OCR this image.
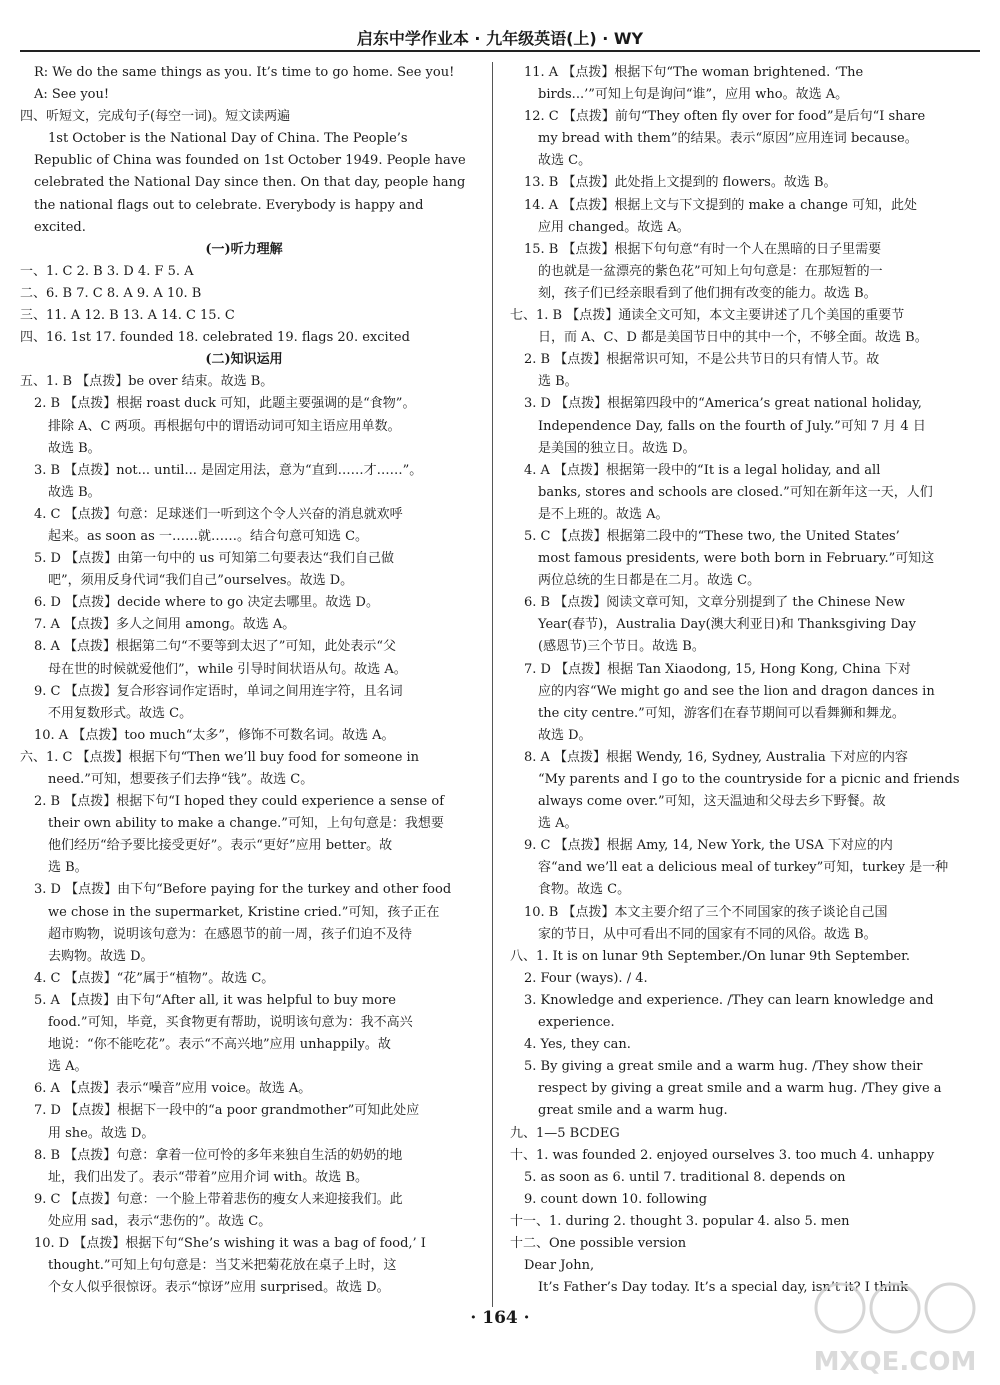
启东中学作业本 · 九年级英语(上) · WY
R: We do the same things as you. It’s time to go home. See you!
A: See you!
四、听短文，完成句子(每空一词)。短文读两遍
1st October is the National Day of China. The People’s
Republic of China was founded on 1st October 1949. People have
celebrated the National Day since then. On that day, people hang
the national flags out to celebrate. Everybody is happy and
excited.
(一)听力理解
一、1. C 2. B 3. D 4. F 5. A
二、6. B 7. C 8. A 9. A 10. B
三、11. A 12. B 13. A 14. C 15. C
四、16. 1st 17. founded 18. celebrated 19. flags 20. excited
(二)知识运用
五、1. B 【点拨】be over 结束。故选 B。
2. B 【点拨】根据 roast duck 可知，此题主要强调的是“食物”。
排除 A、C 两项。再根据句中的谓语动词可知主语应用单数。
故选 B。
3. B 【点拨】not... until... 是固定用法，意为“直到……才……”。
故选 B。
4. C 【点拨】句意：足球迷们一听到这个令人兴奋的消息就欢呼
起来。as soon as 一……就……。结合句意可知选 C。
5. D 【点拨】由第一句中的 us 可知第二句要表达“我们自己做
吧”，须用反身代词“我们自己”ourselves。故选 D。
6. D 【点拨】decide where to go 决定去哪里。故选 D。
7. A 【点拨】多人之间用 among。故选 A。
8. A 【点拨】根据第二句“不要等到太迟了”可知，此处表示“父
母在世的时候就爱他们”，while 引导时间状语从句。故选 A。
9. C 【点拨】复合形容词作定语时，单词之间用连字符，且名词
不用复数形式。故选 C。
10. A 【点拨】too much“太多”，修饰不可数名词。故选 A。
六、1. C 【点拨】根据下句“Then we’ll buy food for someone in
need.”可知，想要孩子们去挣“钱”。故选 C。
2. B 【点拨】根据下句“I hoped they could experience a sense of
their own ability to make a change.”可知，上句句意是：我想要
他们经历“给予要比接受更好”。表示“更好”应用 better。故
选 B。
3. D 【点拨】由下句“Before paying for the turkey and other food
we chose in the supermarket, Kristine cried.”可知，孩子正在
超市购物，说明该句意为：在感恩节的前一周，孩子们迫不及待
去购物。故选 D。
4. C 【点拨】“花”属于“植物”。故选 C。
5. A 【点拨】由下句“After all, it was helpful to buy more
food.”可知，毕竟，买食物更有帮助，说明该句意为：我不高兴
地说：“你不能吃花”。表示“不高兴地”应用 unhappily。故
选 A。
6. A 【点拨】表示“噪音”应用 voice。故选 A。
7. D 【点拨】根据下一段中的“a poor grandmother”可知此处应
用 she。故选 D。
8. B 【点拨】句意：拿着一位可怜的多年来独自生活的奶奶的地
址，我们出发了。表示“带着”应用介词 with。故选 B。
9. C 【点拨】句意：一个脸上带着悲伤的瘦女人来迎接我们。此
处应用 sad，表示“悲伤的”。故选 C。
10. D 【点拨】根据下句“She’s wishing it was a bag of food,’ I
thought.”可知上句句意是：当艾米把菊花放在桌子上时，这
个女人似乎很惊讶。表示“惊讶”应用 surprised。故选 D。
11. A 【点拨】根据下句“The woman brightened. ‘The
birds...’”可知上句是询问“谁”，应用 who。故选 A。
12. C 【点拨】前句“They often fly over for food”是后句“I share
my bread with them”的结果。表示“原因”应用连词 because。
故选 C。
13. B 【点拨】此处指上文提到的 flowers。故选 B。
14. A 【点拨】根据上文与下文提到的 make a change 可知，此处
应用 changed。故选 A。
15. B 【点拨】根据下句句意“有时一个人在黑暗的日子里需要
的也就是一盆漂亮的紫色花”可知上句句意是：在那短暂的一
刻，孩子们已经亲眼看到了他们拥有改变的能力。故选 B。
七、1. B 【点拨】通读全文可知，本文主要讲述了几个美国的重要节
日，而 A、C、D 都是美国节日中的其中一个，不够全面。故选 B。
2. B 【点拨】根据常识可知，不是公共节日的只有情人节。故
选 B。
3. D 【点拨】根据第四段中的“America’s great national holiday,
Independence Day, falls on the fourth of July.”可知 7 月 4 日
是美国的独立日。故选 D。
4. A 【点拨】根据第一段中的“It is a legal holiday, and all
banks, stores and schools are closed.”可知在新年这一天，人们
是不上班的。故选 A。
5. C 【点拨】根据第二段中的“These two, the United States’
most famous presidents, were both born in February.”可知这
两位总统的生日都是在二月。故选 C。
6. B 【点拨】阅读文章可知，文章分别提到了 the Chinese New
Year(春节)，Australia Day(澳大利亚日)和 Thanksgiving Day
(感恩节)三个节日。故选 B。
7. D 【点拨】根据 Tan Xiaodong, 15, Hong Kong, China 下对
应的内容“We might go and see the lion and dragon dances in
the city centre.”可知，游客们在春节期间可以看舞狮和舞龙。
故选 D。
8. A 【点拨】根据 Wendy, 16, Sydney, Australia 下对应的内容
“My parents and I go to the countryside for a picnic and friends
always come over.”可知，这天温迪和父母去乡下野餐。故
选 A。
9. C 【点拨】根据 Amy, 14, New York, the USA 下对应的内
容“and we’ll eat a delicious meal of turkey”可知，turkey 是一种
食物。故选 C。
10. B 【点拨】本文主要介绍了三个不同国家的孩子谈论自己国
家的节日，从中可看出不同的国家有不同的风俗。故选 B。
八、1. It is on lunar 9th September./On lunar 9th September.
2. Four (ways). / 4.
3. Knowledge and experience. /They can learn knowledge and
experience.
4. Yes, they can.
5. By giving a great smile and a warm hug. /They show their
respect by giving a great smile and a warm hug. /They give a
great smile and a warm hug.
九、1—5 BCDEG
十、1. was founded 2. enjoyed ourselves 3. too much 4. unhappy
5. as soon as 6. until 7. traditional 8. depends on
9. count down 10. following
十一、1. during 2. thought 3. popular 4. also 5. men
十二、One possible version
Dear John,
It’s Father’s Day today. It’s a special day, isn’t it? I think
· 164 ·
MXQE.COM
